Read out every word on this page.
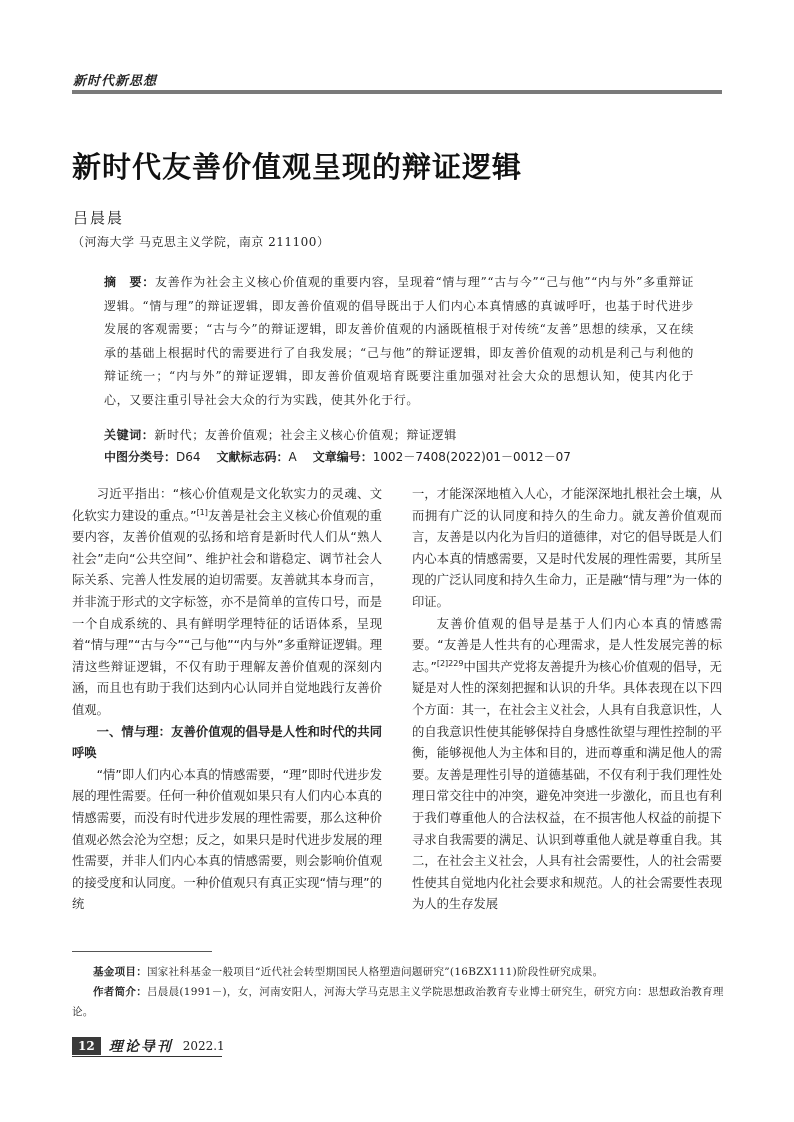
新时代新思想
新时代友善价值观呈现的辩证逻辑
吕晨晨
（河海大学 马克思主义学院，南京 211100）
摘　要：友善作为社会主义核心价值观的重要内容，呈现着“情与理”“古与今”“己与他”“内与外”多重辩证逻辑。“情与理”的辩证逻辑，即友善价值观的倡导既出于人们内心本真情感的真诚呼吁，也基于时代进步发展的客观需要；“古与今”的辩证逻辑，即友善价值观的内涵既植根于对传统“友善”思想的续承，又在续承的基础上根据时代的需要进行了自我发展；“己与他”的辩证逻辑，即友善价值观的动机是利己与利他的辩证统一；“内与外”的辩证逻辑，即友善价值观培育既要注重加强对社会大众的思想认知，使其内化于心，又要注重引导社会大众的行为实践，使其外化于行。
关键词：新时代；友善价值观；社会主义核心价值观；辩证逻辑
中图分类号：D64 文献标志码：A 文章编号：1002－7408(2022)01－0012－07

习近平指出：“核心价值观是文化软实力的灵魂、文化软实力建设的重点。”[1]友善是社会主义核心价值观的重要内容，友善价值观的弘扬和培育是新时代人们从“熟人社会”走向“公共空间”、维护社会和谐稳定、调节社会人际关系、完善人性发展的迫切需要。友善就其本身而言，并非流于形式的文字标签，亦不是简单的宣传口号，而是一个自成系统的、具有鲜明学理特征的话语体系，呈现着“情与理”“古与今”“己与他”“内与外”多重辩证逻辑。理清这些辩证逻辑，不仅有助于理解友善价值观的深刻内涵，而且也有助于我们达到内心认同并自觉地践行友善价值观。

一、情与理：友善价值观的倡导是人性和时代的共同呼唤

“情”即人们内心本真的情感需要，“理”即时代进步发展的理性需要。任何一种价值观如果只有人们内心本真的情感需要，而没有时代进步发展的理性需要，那么这种价值观必然会沦为空想；反之，如果只是时代进步发展的理性需要，并非人们内心本真的情感需要，则会影响价值观的接受度和认同度。一种价值观只有真正实现“情与理”的统

一，才能深深地植入人心，才能深深地扎根社会土壤，从而拥有广泛的认同度和持久的生命力。就友善价值观而言，友善是以内化为旨归的道德律，对它的倡导既是人们内心本真的情感需要，又是时代发展的理性需要，其所呈现的广泛认同度和持久生命力，正是融“情与理”为一体的印证。

友善价值观的倡导是基于人们内心本真的情感需要。“友善是人性共有的心理需求，是人性发展完善的标志。”$^{[2]229}$中国共产党将友善提升为核心价值观的倡导，无疑是对人性的深刻把握和认识的升华。具体表现在以下四个方面：其一，在社会主义社会，人具有自我意识性，人的自我意识性使其能够保持自身感性欲望与理性控制的平衡，能够视他人为主体和目的，进而尊重和满足他人的需要。友善是理性引导的道德基础，不仅有利于我们理性处理日常交往中的冲突，避免冲突进一步激化，而且也有利于我们尊重他人的合法权益，在不损害他人权益的前提下寻求自我需要的满足、认识到尊重他人就是尊重自我。其二，在社会主义社会，人具有社会需要性，人的社会需要性使其自觉地内化社会要求和规范。人的社会需要性表现为人的生存发展

基金项目：国家社科基金一般项目“近代社会转型期国民人格塑造问题研究”(16BZX111)阶段性研究成果。

作者简介：吕晨晨(1991－)，女，河南安阳人，河海大学马克思主义学院思想政治教育专业博士研究生，研究方向：思想政治教育理论。

12	理论导刊 2022.1
